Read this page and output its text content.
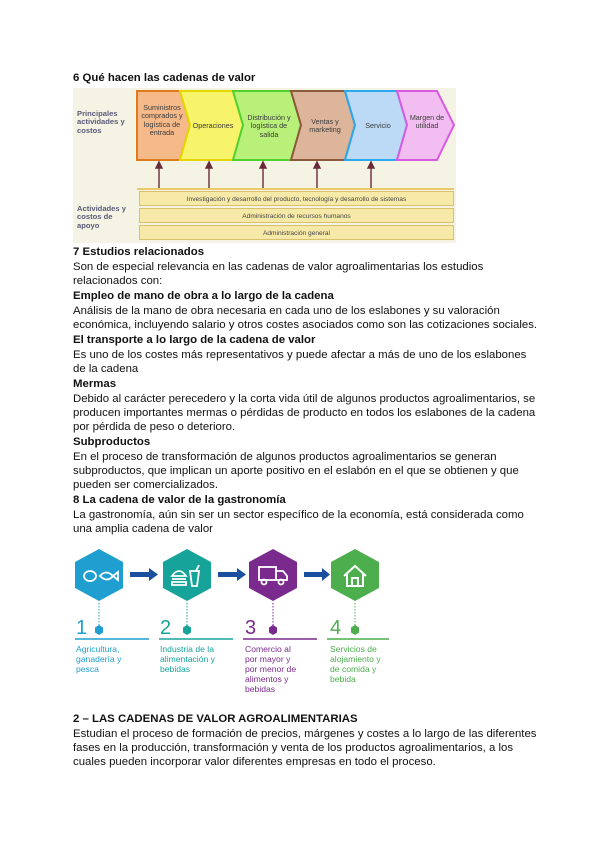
6 Qué hacen las cadenas de valor
Principales actividades y costos
Actividades y costos de apoyo
Suministros comprados y logística de entrada
Operaciones
Distribución y logística de salida
Ventas y marketing	Servicio
Margen de utilidad
Investigación y desarrollo del producto, tecnología y desarrollo de sistemas
Administración de recursos humanos
Administración general
7 Estudios relacionados
Son de especial relevancia en las cadenas de valor agroalimentarias los estudios
relacionados con:
Empleo de mano de obra a lo largo de la cadena
Análisis de la mano de obra necesaria en cada uno de los eslabones y su valoración
económica, incluyendo salario y otros costes asociados como son las cotizaciones sociales.
El transporte a lo largo de la cadena de valor
Es uno de los costes más representativos y puede afectar a más de uno de los eslabones
de la cadena
Mermas
Debido al carácter perecedero y la corta vida útil de algunos productos agroalimentarios, se
producen importantes mermas o pérdidas de producto en todos los eslabones de la cadena
por pérdida de peso o deterioro.
Subproductos
En el proceso de transformación de algunos productos agroalimentarios se generan
subproductos, que implican un aporte positivo en el eslabón en el que se obtienen y que
pueden ser comercializados.
8 La cadena de valor de la gastronomía
La gastronomía, aún sin ser un sector específico de la economía, está considerada como
una amplia cadena de valor
1	2	3	4
Agricultura, ganadería y pesca
Industria de la alimentación y bebidas
Comercio al por mayor y por menor de alimentos y bebidas
Servicios de alojamiento y de comida y bebida
2 – LAS CADENAS DE VALOR AGROALIMENTARIAS
Estudian el proceso de formación de precios, márgenes y costes a lo largo de las diferentes
fases en la producción, transformación y venta de los productos agroalimentarios, a los
cuales pueden incorporar valor diferentes empresas en todo el proceso.
